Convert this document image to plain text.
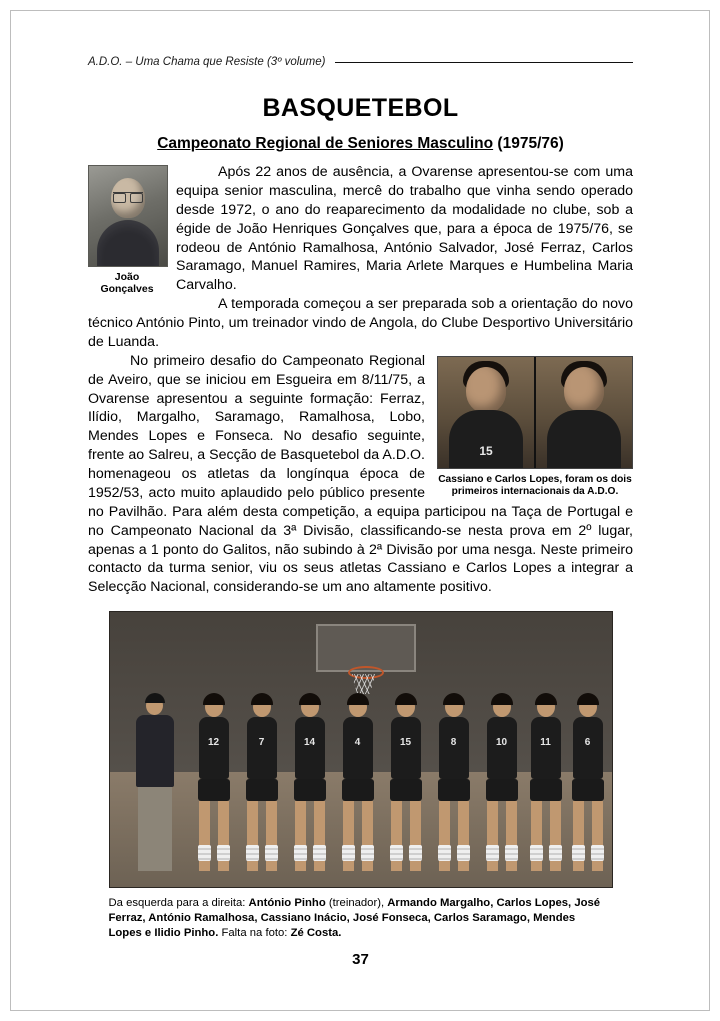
A.D.O. – Uma Chama que Resiste (3º volume)
BASQUETEBOL
Campeonato Regional de Seniores Masculino (1975/76)
João
Gonçalves

Após 22 anos de ausência, a Ovarense apresentou-se com uma equipa senior masculina, mercê do trabalho que vinha sendo operado desde 1972, o ano do reaparecimento da modalidade no clube, sob a égide de João Henriques Gonçalves que, para a época de 1975/76, se rodeou de António Ramalhosa, António Salvador, José Ferraz, Carlos Saramago, Manuel Ramires, Maria Arlete Marques e Humbelina Maria Carvalho.

A temporada começou a ser preparada sob a orientação do novo técnico António Pinto, um treinador vindo de Angola, do Clube Desportivo Universitário de Luanda.

15
Cassiano e Carlos Lopes, foram os dois primeiros internacionais da A.D.O.

No primeiro desafio do Campeonato Regional de Aveiro, que se iniciou em Esgueira em 8/11/75, a Ovarense apresentou a seguinte formação: Ferraz, Ilídio, Margalho, Saramago, Ramalhosa, Lobo, Mendes Lopes e Fonseca. No desafio seguinte, frente ao Salreu, a Secção de Basquetebol da A.D.O. homenageou os atletas da longínqua época de 1952/53, acto muito aplaudido pelo público presente no Pavilhão. Para além desta competição, a equipa participou na Taça de Portugal e no Campeonato Nacional da 3ª Divisão, classificando-se nesta prova em 2º lugar, apenas a 1 ponto do Galitos, não subindo à 2ª Divisão por uma nesga. Neste primeiro contacto da turma senior, viu os seus atletas Cassiano e Carlos Lopes a integrar a Selecção Nacional, considerando-se um ano altamente positivo.

12	7	14	4	15	8	10	11	6
Da esquerda para a direita: António Pinho (treinador), Armando Margalho, Carlos Lopes, José Ferraz, António Ramalhosa, Cassiano Inácio, José Fonseca, Carlos Saramago, Mendes Lopes e Ilidio Pinho. Falta na foto: Zé Costa.
37
